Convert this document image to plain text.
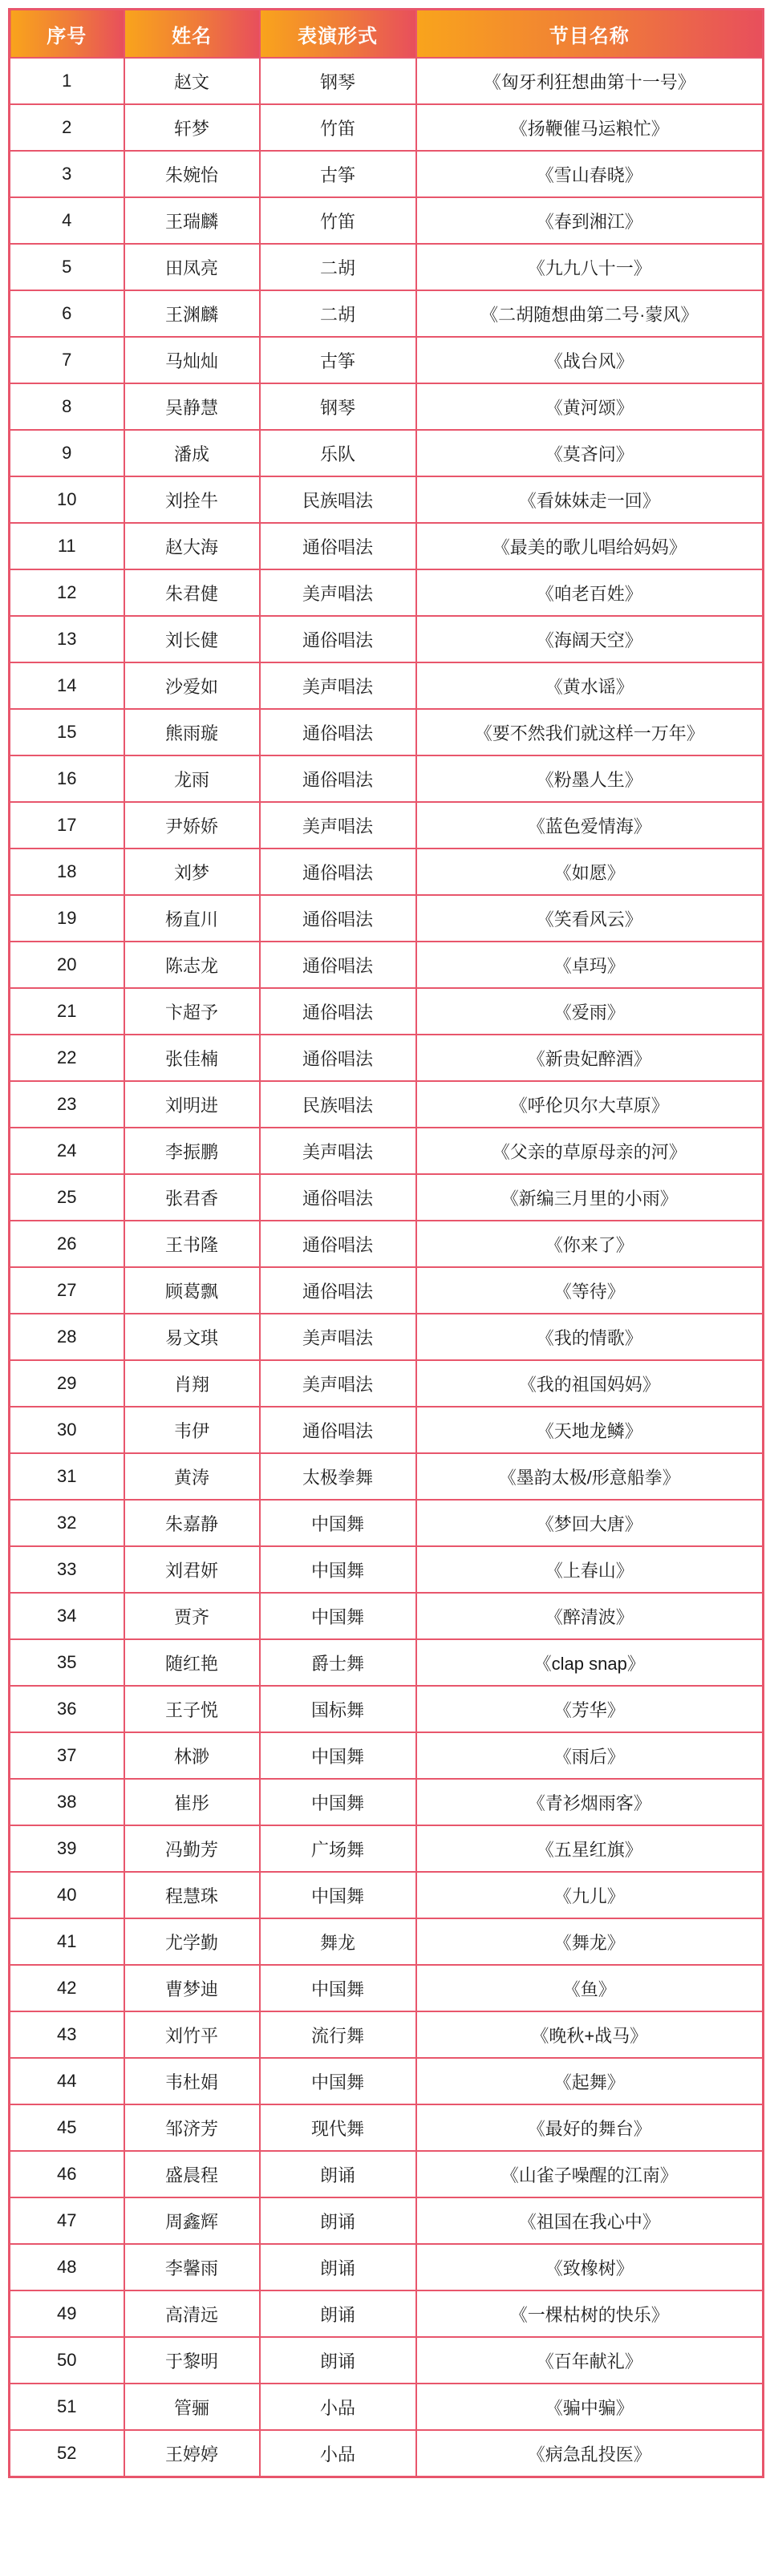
序号	姓名	表演形式	节目名称
1	赵文	钢琴	《匈牙利狂想曲第十一号》
2	轩梦	竹笛	《扬鞭催马运粮忙》
3	朱婉怡	古筝	《雪山春晓》
4	王瑞麟	竹笛	《春到湘江》
5	田凤亮	二胡	《九九八十一》
6	王渊麟	二胡	《二胡随想曲第二号·蒙风》
7	马灿灿	古筝	《战台风》
8	吴静慧	钢琴	《黄河颂》
9	潘成	乐队	《莫吝问》
10	刘拴牛	民族唱法	《看妹妹走一回》
11	赵大海	通俗唱法	《最美的歌儿唱给妈妈》
12	朱君健	美声唱法	《咱老百姓》
13	刘长健	通俗唱法	《海阔天空》
14	沙爱如	美声唱法	《黄水谣》
15	熊雨璇	通俗唱法	《要不然我们就这样一万年》
16	龙雨	通俗唱法	《粉墨人生》
17	尹娇娇	美声唱法	《蓝色爱情海》
18	刘梦	通俗唱法	《如愿》
19	杨直川	通俗唱法	《笑看风云》
20	陈志龙	通俗唱法	《卓玛》
21	卞超予	通俗唱法	《爱雨》
22	张佳楠	通俗唱法	《新贵妃醉酒》
23	刘明进	民族唱法	《呼伦贝尔大草原》
24	李振鹏	美声唱法	《父亲的草原母亲的河》
25	张君香	通俗唱法	《新编三月里的小雨》
26	王书隆	通俗唱法	《你来了》
27	顾葛飘	通俗唱法	《等待》
28	易文琪	美声唱法	《我的情歌》
29	肖翔	美声唱法	《我的祖国妈妈》
30	韦伊	通俗唱法	《天地龙鳞》
31	黄涛	太极拳舞	《墨韵太极/形意船拳》
32	朱嘉静	中国舞	《梦回大唐》
33	刘君妍	中国舞	《上春山》
34	贾齐	中国舞	《醉清波》
35	随红艳	爵士舞	《clap snap》
36	王子悦	国标舞	《芳华》
37	林渺	中国舞	《雨后》
38	崔彤	中国舞	《青衫烟雨客》
39	冯勤芳	广场舞	《五星红旗》
40	程慧珠	中国舞	《九儿》
41	尤学勤	舞龙	《舞龙》
42	曹梦迪	中国舞	《鱼》
43	刘竹平	流行舞	《晚秋+战马》
44	韦杜娟	中国舞	《起舞》
45	邹济芳	现代舞	《最好的舞台》
46	盛晨程	朗诵	《山雀子噪醒的江南》
47	周鑫辉	朗诵	《祖国在我心中》
48	李馨雨	朗诵	《致橡树》
49	高清远	朗诵	《一棵枯树的快乐》
50	于黎明	朗诵	《百年献礼》
51	管骊	小品	《骗中骗》
52	王婷婷	小品	《病急乱投医》
